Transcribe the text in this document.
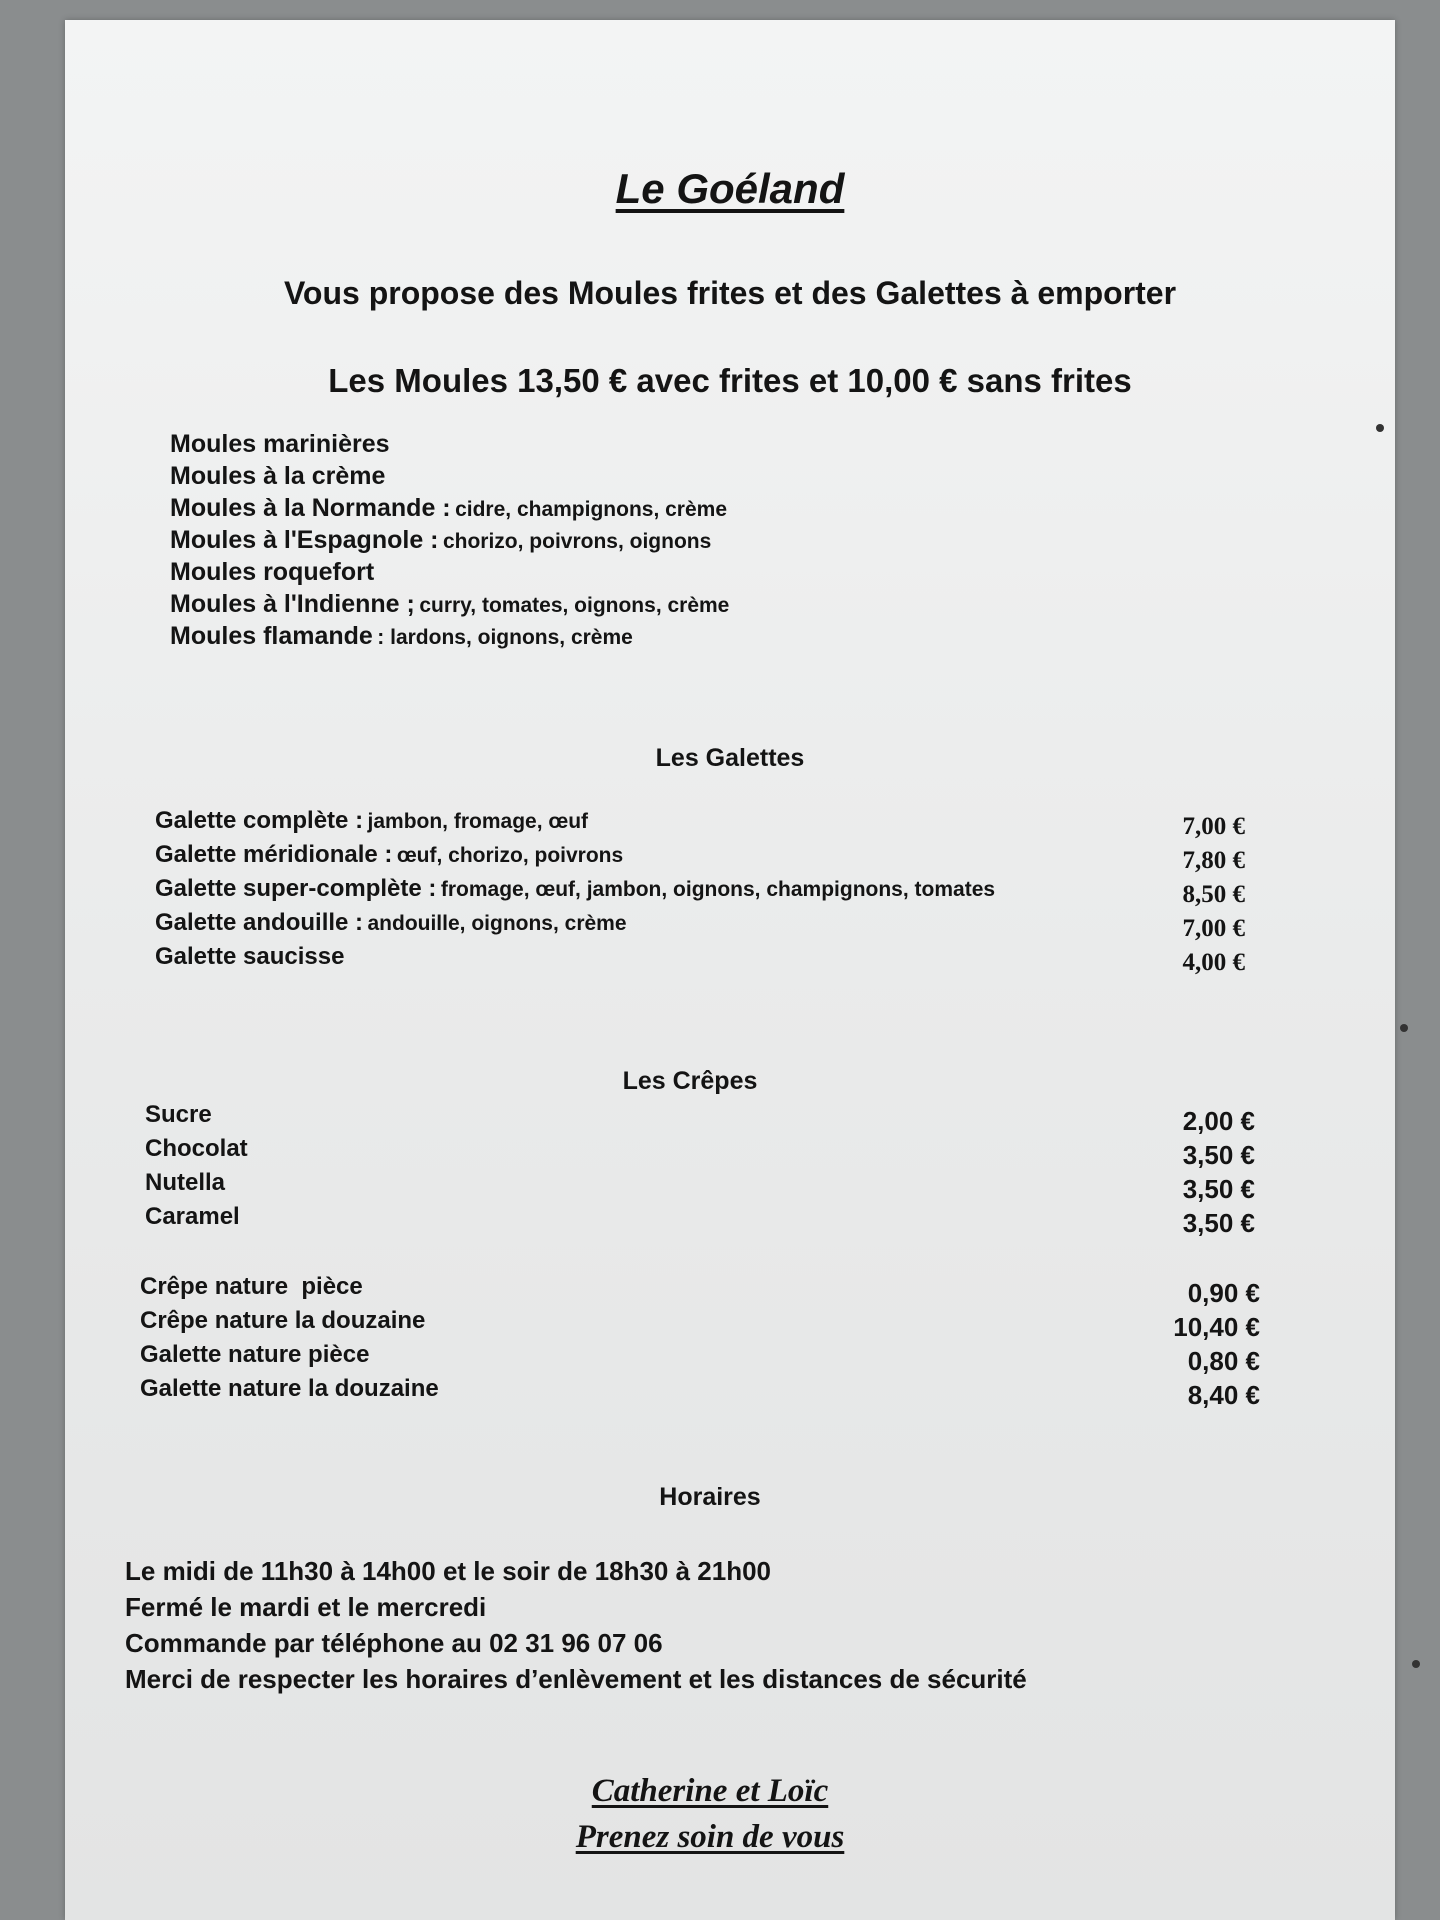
Le Goéland
Vous propose des Moules frites et des Galettes à emporter
Les Moules 13,50 € avec frites et 10,00 € sans frites
Moules marinières
Moules à la crème
Moules à la Normande : cidre, champignons, crème
Moules à l'Espagnole : chorizo, poivrons, oignons
Moules roquefort
Moules à l'Indienne ; curry, tomates, oignons, crème
Moules flamande : lardons, oignons, crème
Les Galettes
Galette complète : jambon, fromage, œuf	7,00 €
Galette méridionale : œuf, chorizo, poivrons	7,80 €
Galette super-complète : fromage, œuf, jambon, oignons, champignons, tomates	8,50 €
Galette andouille : andouille, oignons, crème	7,00 €
Galette saucisse	4,00 €
Les Crêpes
Sucre	2,00 €
Chocolat	3,50 €
Nutella	3,50 €
Caramel	3,50 €
Crêpe nature  pièce	0,90 €
Crêpe nature la douzaine	10,40 €
Galette nature pièce	0,80 €
Galette nature la douzaine	8,40 €
Horaires
Le midi de 11h30 à 14h00 et le soir de 18h30 à 21h00
Fermé le mardi et le mercredi
Commande par téléphone au 02 31 96 07 06
Merci de respecter les horaires d’enlèvement et les distances de sécurité
Catherine et Loïc
Prenez soin de vous
